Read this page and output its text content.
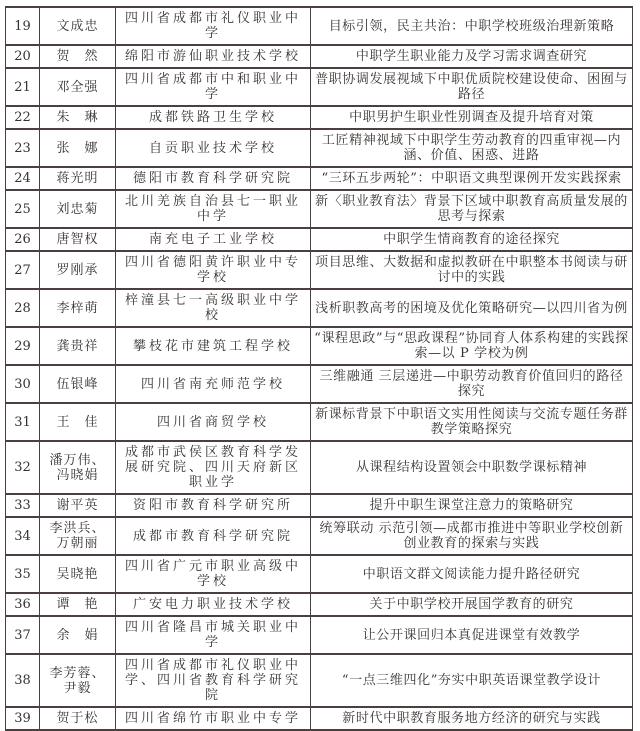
19	文成忠	四川省成都市礼仪职业中学	目标引领，民主共治：中职学校班级治理新策略
20	贺　然	绵阳市游仙职业技术学校	中职学生职业能力及学习需求调查研究
21	邓全强	四川省成都市中和职业中学	普职协调发展视域下中职优质院校建设使命、困囿与路径
22	朱　琳	成都铁路卫生学校	中职男护生职业性别调查及提升培育对策
23	张　娜	自贡职业技术学校	工匠精神视域下中职学生劳动教育的四重审视—内涵、价值、困惑、进路
24	蒋光明	德阳市教育科学研究院	“三环五步两轮”：中职语文典型课例开发实践探索
25	刘忠菊	北川羌族自治县七一职业中学	新〈职业教育法〉背景下区域中职教育高质量发展的思考与探索
26	唐智权	南充电子工业学校	中职学生情商教育的途径探究
27	罗刚承	四川省德阳黄许职业中专学校	项目思维、大数据和虚拟教研在中职整本书阅读与研讨中的实践
28	李梓萌	梓潼县七一高级职业中学校	浅析职教高考的困境及优化策略研究—以四川省为例
29	龚贵祥	攀枝花市建筑工程学校	“课程思政”与“思政课程”协同育人体系构建的实践探索—以 P 学校为例
30	伍银峰	四川省南充师范学校	三维融通 三层递进—中职劳动教育价值回归的路径探究
31	王　佳	四川省商贸学校	新课标背景下中职语文实用性阅读与交流专题任务群教学策略探究
32	潘万伟、冯晓娟	成都市武侯区教育科学发展研究院、四川天府新区职业学	从课程结构设置领会中职数学课标精神
33	谢平英	资阳市教育科学研究所	提升中职生课堂注意力的策略研究
34	李洪兵、万朝丽	成都市教育科学研究院	统筹联动 示范引领—成都市推进中等职业学校创新创业教育的探索与实践
35	吴晓艳	四川省广元市职业高级中学校	中职语文群文阅读能力提升路径研究
36	谭　艳	广安电力职业技术学校	关于中职学校开展国学教育的研究
37	余　娟	四川省隆昌市城关职业中学	让公开课回归本真促进课堂有效教学
38	李芳蓉、尹毅	四川省成都市礼仪职业中学、四川省教育科学研究院	“一点三维四化”夯实中职英语课堂教学设计
39	贺于松	四川省绵竹市职业中专学	新时代中职教育服务地方经济的研究与实践
